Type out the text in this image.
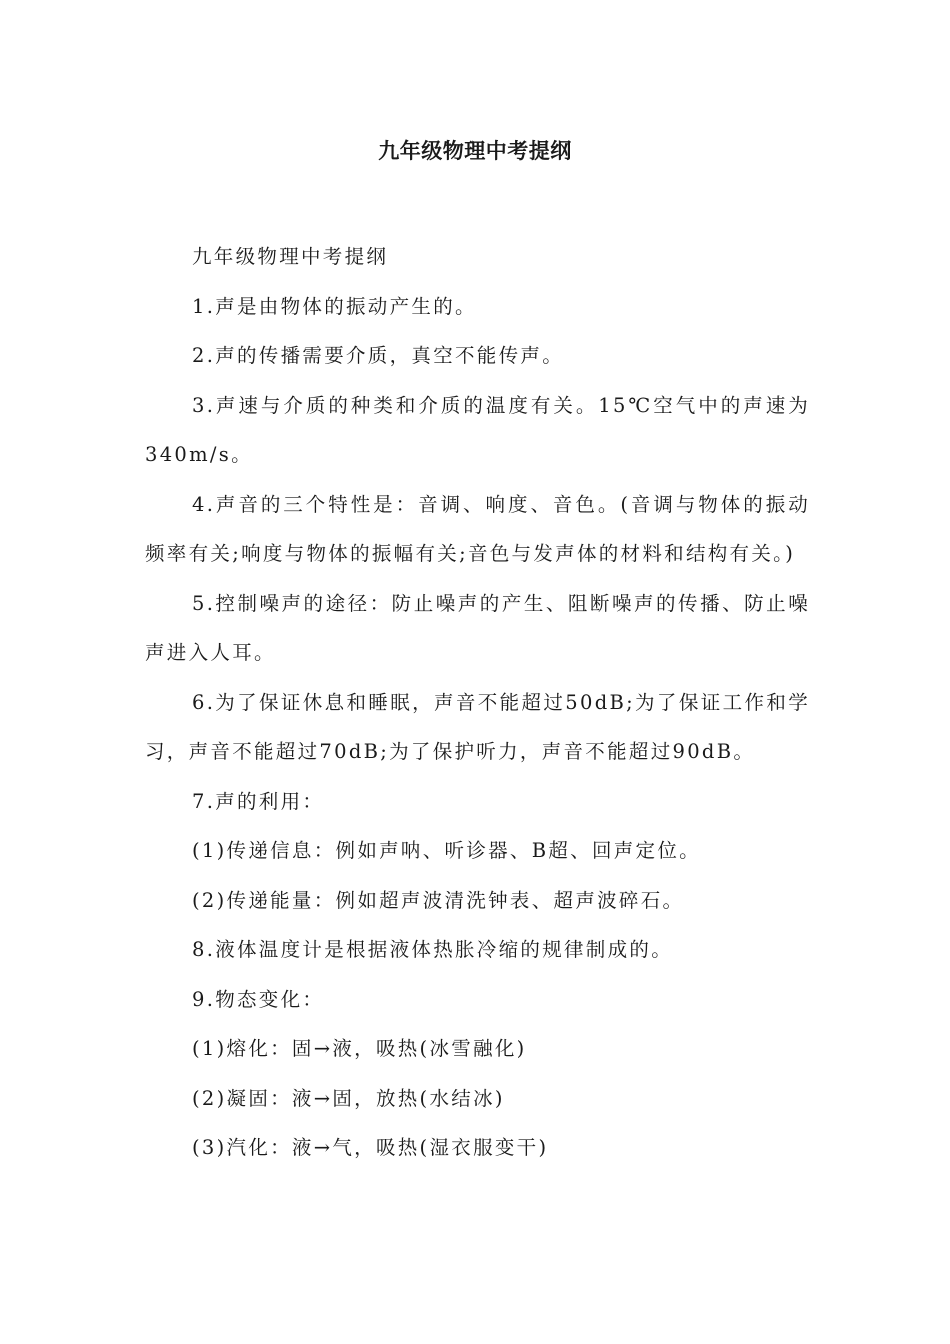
九年级物理中考提纲

九年级物理中考提纲

1.声是由物体的振动产生的。

2.声的传播需要介质，真空不能传声。

3.声速与介质的种类和介质的温度有关。15℃空气中的声速为340m/s。

4.声音的三个特性是：音调、响度、音色。(音调与物体的振动频率有关;响度与物体的振幅有关;音色与发声体的材料和结构有关。)

5.控制噪声的途径：防止噪声的产生、阻断噪声的传播、防止噪声进入人耳。

6.为了保证休息和睡眠，声音不能超过50dB;为了保证工作和学习，声音不能超过70dB;为了保护听力，声音不能超过90dB。

7.声的利用：

(1)传递信息：例如声呐、听诊器、B超、回声定位。

(2)传递能量：例如超声波清洗钟表、超声波碎石。

8.液体温度计是根据液体热胀冷缩的规律制成的。

9.物态变化：

(1)熔化：固→液，吸热(冰雪融化)

(2)凝固：液→固，放热(水结冰)

(3)汽化：液→气，吸热(湿衣服变干)
